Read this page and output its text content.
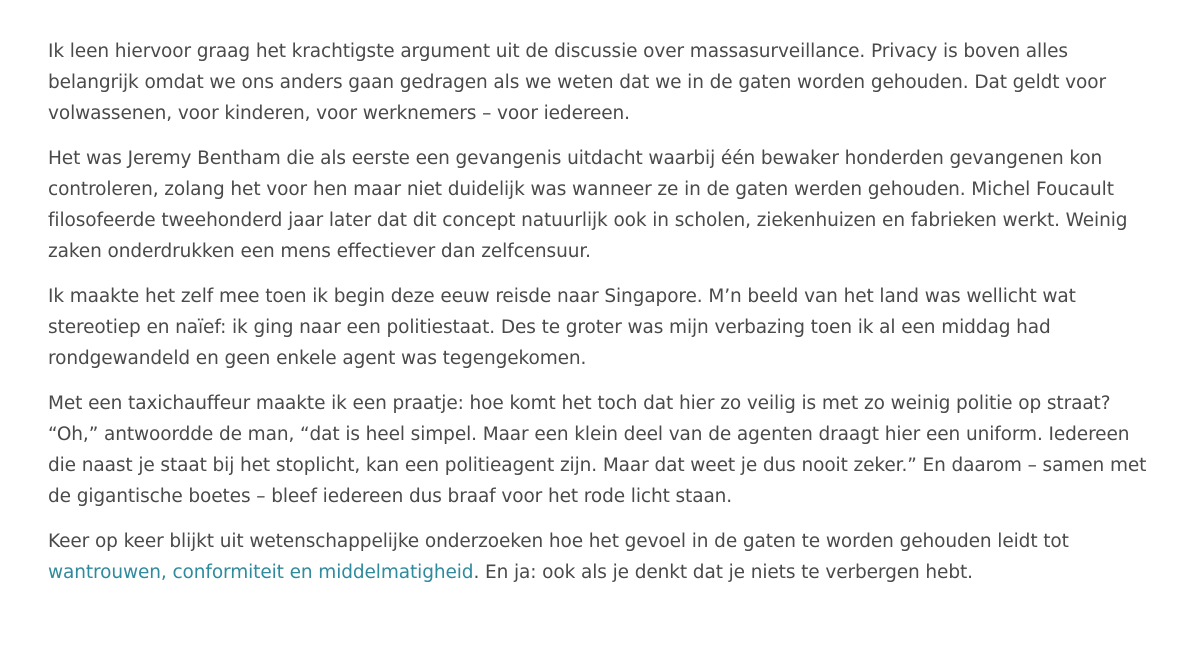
Ik leen hiervoor graag het krachtigste argument uit de discussie over massasurveillance. Privacy is boven alles belangrijk omdat we ons anders gaan gedragen als we weten dat we in de gaten worden gehouden. Dat geldt voor volwassenen, voor kinderen, voor werknemers – voor iedereen.

Het was Jeremy Bentham die als eerste een gevangenis uitdacht waarbij één bewaker honderden gevangenen kon controleren, zolang het voor hen maar niet duidelijk was wanneer ze in de gaten werden gehouden. Michel Foucault filosofeerde tweehonderd jaar later dat dit concept natuurlijk ook in scholen, ziekenhuizen en fabrieken werkt. Weinig zaken onderdrukken een mens effectiever dan zelfcensuur.

Ik maakte het zelf mee toen ik begin deze eeuw reisde naar Singapore. M’n beeld van het land was wellicht wat stereotiep en naïef: ik ging naar een politiestaat. Des te groter was mijn verbazing toen ik al een middag had rondgewandeld en geen enkele agent was tegengekomen.

Met een taxichauffeur maakte ik een praatje: hoe komt het toch dat hier zo veilig is met zo weinig politie op straat? “Oh,” antwoordde de man, “dat is heel simpel. Maar een klein deel van de agenten draagt hier een uniform. Iedereen die naast je staat bij het stoplicht, kan een politieagent zijn. Maar dat weet je dus nooit zeker.” En daarom – samen met de gigantische boetes – bleef iedereen dus braaf voor het rode licht staan.

Keer op keer blijkt uit wetenschappelijke onderzoeken hoe het gevoel in de gaten te worden gehouden leidt tot wantrouwen, conformiteit en middelmatigheid. En ja: ook als je denkt dat je niets te verbergen hebt.
